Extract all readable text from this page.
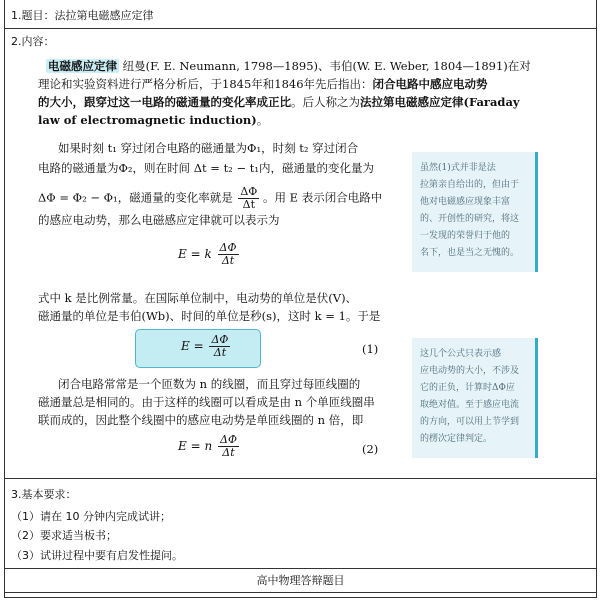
1.题目：法拉第电磁感应定律
2.内容：
电磁感应定律 纽曼(F. E. Neumann, 1798—1895)、韦伯(W. E. Weber, 1804—1891)在对
理论和实验资料进行严格分析后，于1845年和1846年先后指出：闭合电路中感应电动势
的大小，跟穿过这一电路的磁通量的变化率成正比。后人称之为法拉第电磁感应定律(Faraday
law of electromagnetic induction)。
如果时刻 t₁ 穿过闭合电路的磁通量为Φ₁，时刻 t₂ 穿过闭合
电路的磁通量为Φ₂，则在时间 Δt = t₂ − t₁内，磁通量的变化量为
ΔΦ = Φ₂ − Φ₁，磁通量的变化率就是 $\frac{\Delta\Phi}{\Delta t}$ 。用 E 表示闭合电路中
的感应电动势，那么电磁感应定律就可以表示为
E = k $\frac{\Delta\Phi}{\Delta t}$
式中 k 是比例常量。在国际单位制中，电动势的单位是伏(V)、
磁通量的单位是韦伯(Wb)、时间的单位是秒(s)，这时 k = 1。于是
$E = \frac{\Delta\Phi}{\Delta t}$	(1)
闭合电路常常是一个匝数为 n 的线圈，而且穿过每匝线圈的
磁通量总是相同的。由于这样的线圈可以看成是由 n 个单匝线圈串
联而成的，因此整个线圈中的感应电动势是单匝线圈的 n 倍，即
E = n $\frac{\Delta\Phi}{\Delta t}$	(2)
虽然(1)式并非是法
拉第亲自给出的，但由于
他对电磁感应现象丰富
的、开创性的研究，将这
一发现的荣誉归于他的
名下，也是当之无愧的。
这几个公式只表示感
应电动势的大小，不涉及
它的正负，计算时ΔΦ应
取绝对值。至于感应电流
的方向，可以用上节学到
的楞次定律判定。
3.基本要求：
（1）请在 10 分钟内完成试讲；
（2）要求适当板书；
（3）试讲过程中要有启发性提问。
高中物理答辩题目
